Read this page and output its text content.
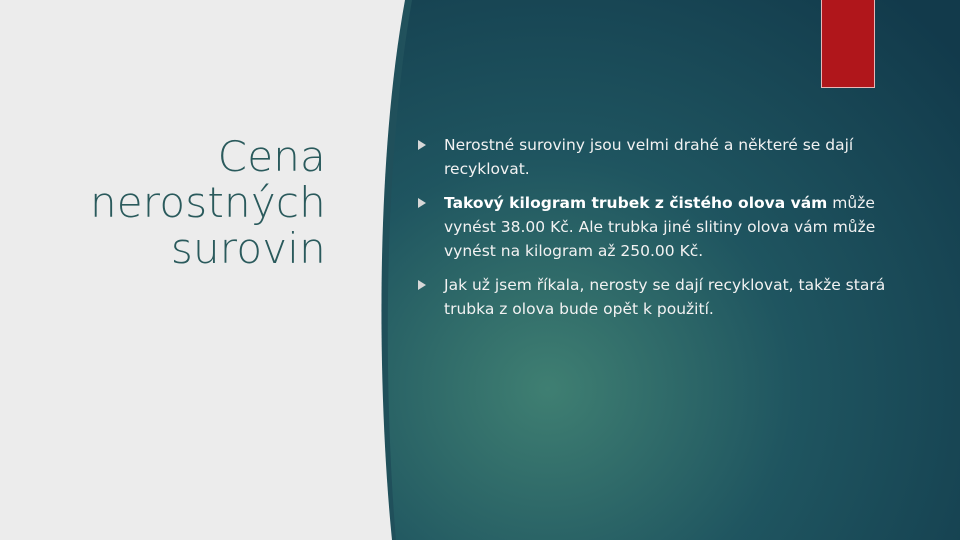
Cena
nerostných
surovin
Nerostné suroviny jsou velmi drahé a některé se dají recyklovat.
Takový kilogram trubek z čistého olova vám může vynést 38.00 Kč. Ale trubka jiné slitiny olova vám může vynést na kilogram až 250.00 Kč.
Jak už jsem říkala, nerosty se dají recyklovat, takže stará trubka z olova bude opět k použití.
